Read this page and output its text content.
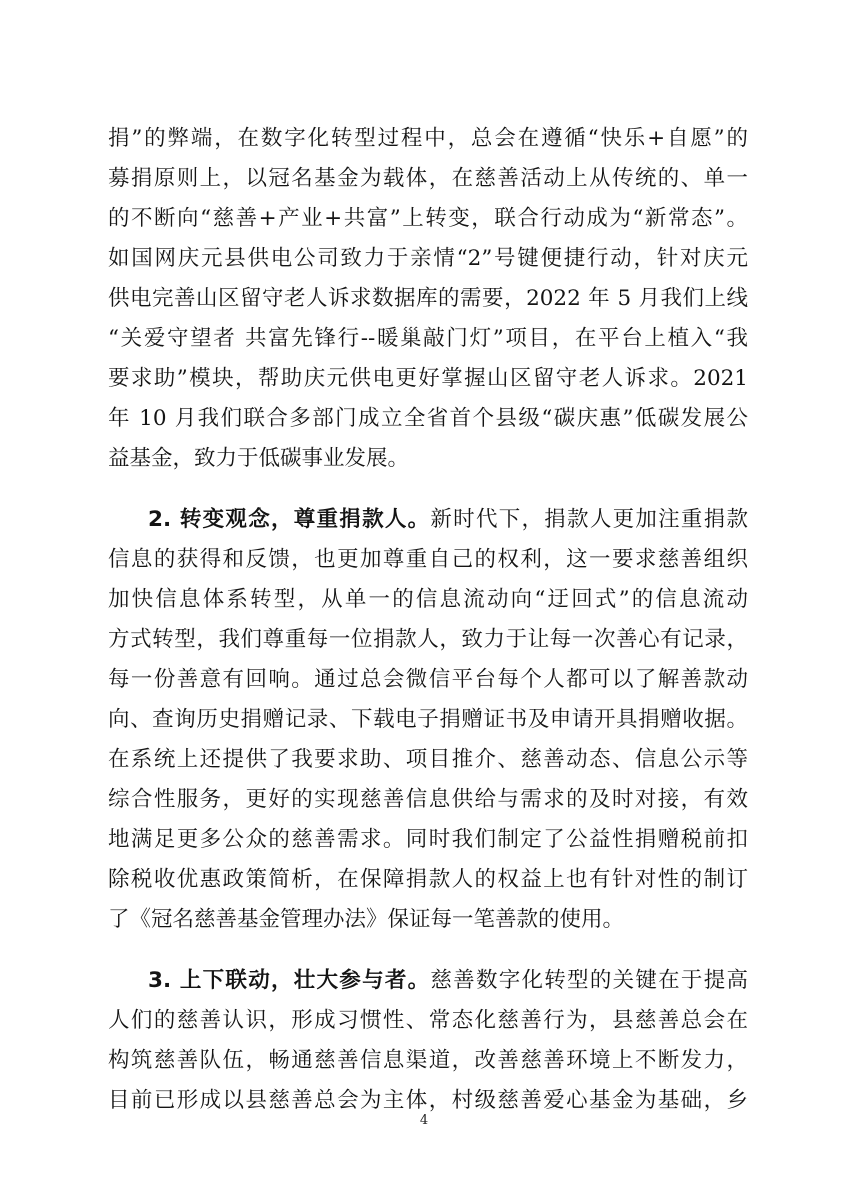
捐”的弊端，在数字化转型过程中，总会在遵循“快乐+自愿”的
募捐原则上，以冠名基金为载体，在慈善活动上从传统的、单一
的不断向“慈善+产业+共富”上转变，联合行动成为“新常态”。
如国网庆元县供电公司致力于亲情“2”号键便捷行动，针对庆元
供电完善山区留守老人诉求数据库的需要，2022 年 5 月我们上线
“关爱守望者 共富先锋行--暖巢敲门灯”项目，在平台上植入“我
要求助”模块，帮助庆元供电更好掌握山区留守老人诉求。2021
年 10 月我们联合多部门成立全省首个县级“碳庆惠”低碳发展公
益基金，致力于低碳事业发展。
2. 转变观念，尊重捐款人。新时代下，捐款人更加注重捐款
信息的获得和反馈，也更加尊重自己的权利，这一要求慈善组织
加快信息体系转型，从单一的信息流动向“迂回式”的信息流动
方式转型，我们尊重每一位捐款人，致力于让每一次善心有记录，
每一份善意有回响。通过总会微信平台每个人都可以了解善款动
向、查询历史捐赠记录、下载电子捐赠证书及申请开具捐赠收据。
在系统上还提供了我要求助、项目推介、慈善动态、信息公示等
综合性服务，更好的实现慈善信息供给与需求的及时对接，有效
地满足更多公众的慈善需求。同时我们制定了公益性捐赠税前扣
除税收优惠政策简析，在保障捐款人的权益上也有针对性的制订
了《冠名慈善基金管理办法》保证每一笔善款的使用。
3. 上下联动，壮大参与者。慈善数字化转型的关键在于提高
人们的慈善认识，形成习惯性、常态化慈善行为，县慈善总会在
构筑慈善队伍，畅通慈善信息渠道，改善慈善环境上不断发力，
目前已形成以县慈善总会为主体，村级慈善爱心基金为基础，乡
4
